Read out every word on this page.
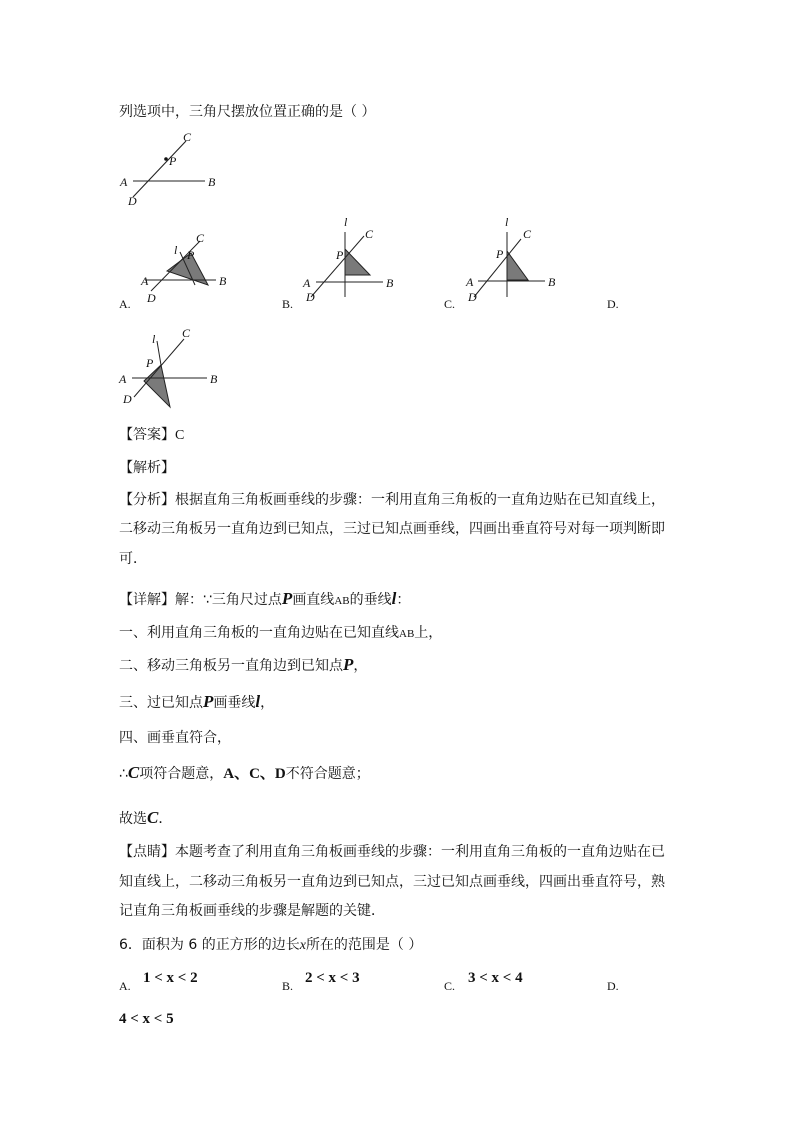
列选项中，三角尺摆放位置正确的是（ ）
A	B
C
D
P
A	B
C
D
P
l
A	B
C
D
P
l
A	B
C
D
P
l
A	B
C
D
P
l
A.	B.	C.	D.
【答案】C
【解析】
【分析】根据直角三角板画垂线的步骤：一利用直角三角板的一直角边贴在已知直线上，
二移动三角板另一直角边到已知点，三过已知点画垂线，四画出垂直符号对每一项判断即
可．
【详解】解：∵三角尺过点P画直线AB的垂线l：
一、利用直角三角板的一直角边贴在已知直线AB上，
二、移动三角板另一直角边到已知点P，
三、过已知点P画垂线l，
四、画垂直符合，
∴C项符合题意，A、C、D不符合题意；
故选C．
【点睛】本题考查了利用直角三角板画垂线的步骤：一利用直角三角板的一直角边贴在已
知直线上，二移动三角板另一直角边到已知点，三过已知点画垂线，四画出垂直符号，熟
记直角三角板画垂线的步骤是解题的关键．
6．面积为 6 的正方形的边长x所在的范围是（ ）
A. 1 < x < 2	B. 2 < x < 3	C. 3 < x < 4	D.
4 < x < 5
